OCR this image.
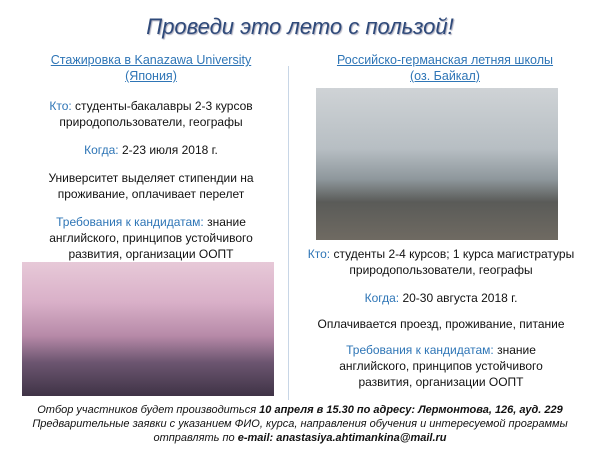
Проведи это лето с пользой!
Стажировка в Kanazawa University
(Япония)
Кто: студенты-бакалавры 2-3 курсов
природопользователи, географы
Когда: 2-23 июля 2018 г.
Университет выделяет стипендии на
проживание, оплачивает перелет
Требования к кандидатам: знание
английского, принципов устойчивого
развития, организации ООПТ
Российско-германская летняя школы
(оз. Байкал)
Кто: студенты 2-4 курсов; 1 курса магистратуры
природопользователи, географы
Когда: 20-30 августа 2018 г.
Оплачивается проезд, проживание, питание
Требования к кандидатам: знание
английского, принципов устойчивого
развития, организации ООПТ
Отбор участников будет производиться 10 апреля в 15.30 по адресу: Лермонтова, 126, ауд. 229
Предварительные заявки с указанием ФИО, курса, направления обучения и интересуемой программы
отправлять по e-mail: anastasiya.ahtimankina@mail.ru
